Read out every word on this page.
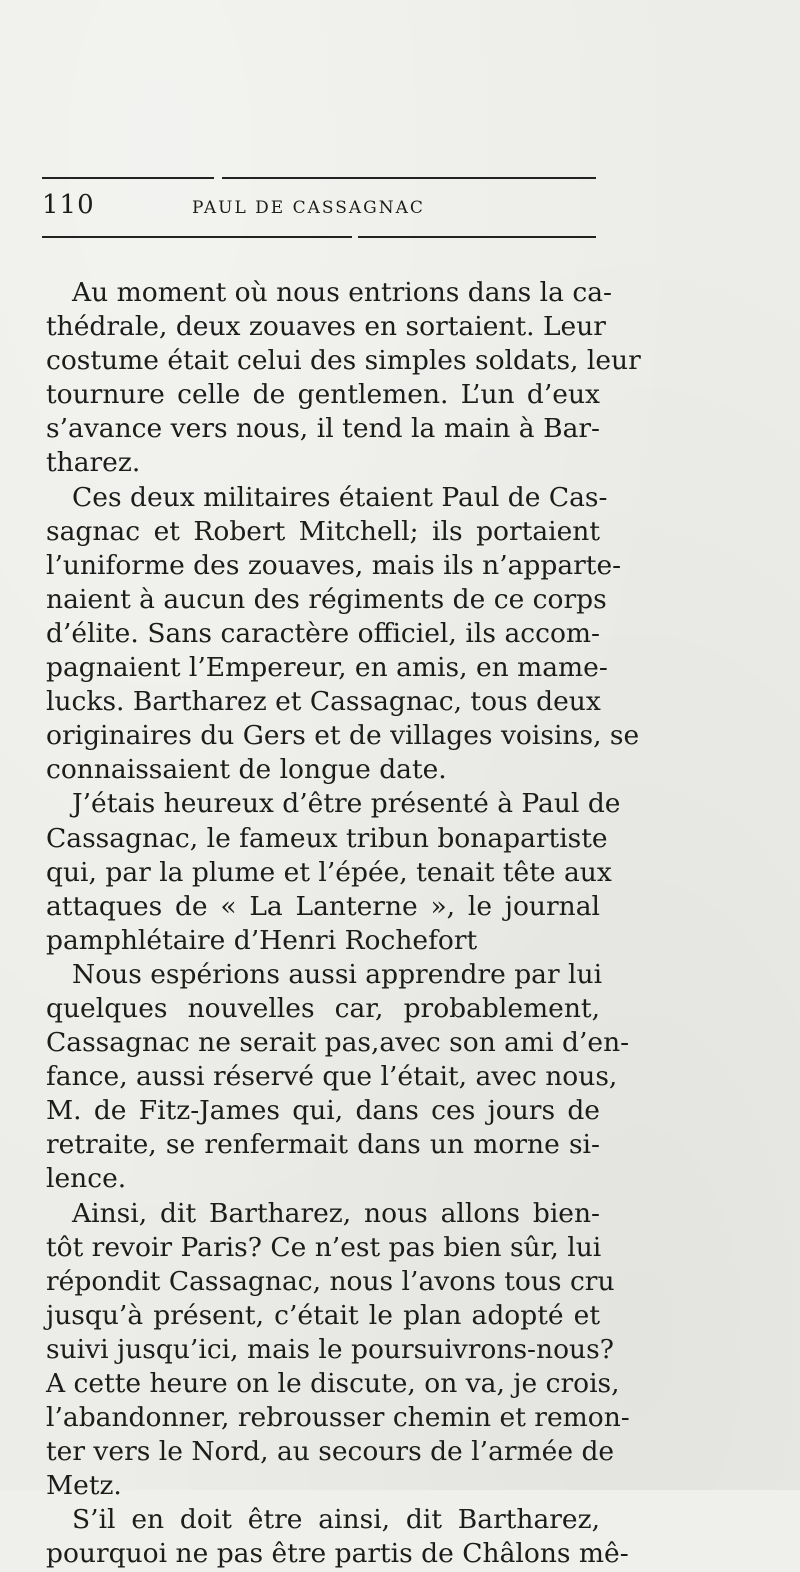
110	PAUL DE CASSAGNAC
Au moment où nous entrions dans la ca-
thédrale, deux zouaves en sortaient. Leur
costume était celui des simples soldats, leur
tournure celle de gentlemen. L’un d’eux
s’avance vers nous, il tend la main à Bar-
tharez.
Ces deux militaires étaient Paul de Cas-
sagnac et Robert Mitchell; ils portaient
l’uniforme des zouaves, mais ils n’apparte-
naient à aucun des régiments de ce corps
d’élite. Sans caractère officiel, ils accom-
pagnaient l’Empereur, en amis, en mame-
lucks. Bartharez et Cassagnac, tous deux
originaires du Gers et de villages voisins, se
connaissaient de longue date.
J’étais heureux d’être présenté à Paul de
Cassagnac, le fameux tribun bonapartiste
qui, par la plume et l’épée, tenait tête aux
attaques de « La Lanterne », le journal
pamphlétaire d’Henri Rochefort
Nous espérions aussi apprendre par lui
quelques nouvelles car, probablement,
Cassagnac ne serait pas,avec son ami d’en-
fance, aussi réservé que l’était, avec nous,
M. de Fitz-James qui, dans ces jours de
retraite, se renfermait dans un morne si-
lence.
Ainsi, dit Bartharez, nous allons bien-
tôt revoir Paris? Ce n’est pas bien sûr, lui
répondit Cassagnac, nous l’avons tous cru
jusqu’à présent, c’était le plan adopté et
suivi jusqu’ici, mais le poursuivrons-nous?
A cette heure on le discute, on va, je crois,
l’abandonner, rebrousser chemin et remon-
ter vers le Nord, au secours de l’armée de
Metz.
S’il en doit être ainsi, dit Bartharez,
pourquoi ne pas être partis de Châlons mê-
